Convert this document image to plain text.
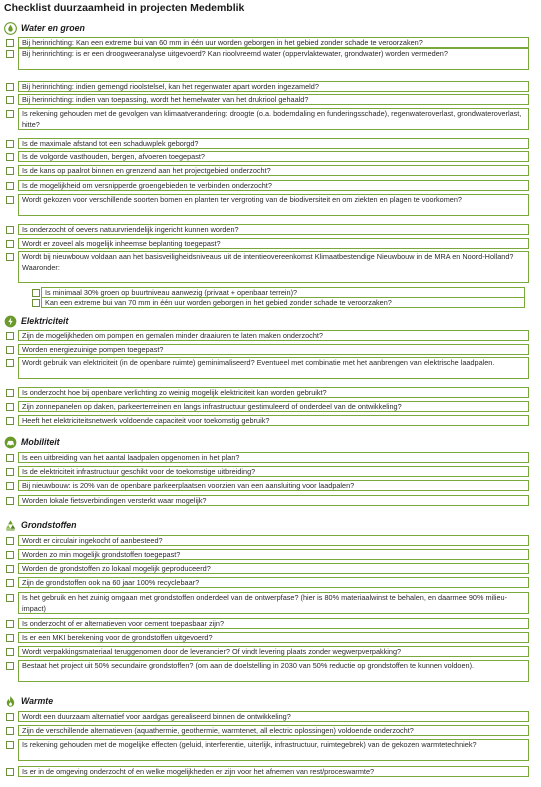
Checklist duurzaamheid in projecten Medemblik
Water en groen
Bij herinrichting: Kan een extreme bui van 60 mm in één uur worden geborgen in het gebied zonder schade te veroorzaken?
Bij herinrichting: is er een droogweeranalyse uitgevoerd? Kan rioolvreemd water (oppervlaktewater, grondwater) worden vermeden?
Bij herinrichting: indien gemengd rioolstelsel, kan het regenwater apart worden ingezameld?
Bij herinrichting: indien van toepassing, wordt het hemelwater van het drukriool gehaald?
Is rekening gehouden met de gevolgen van klimaatverandering: droogte (o.a. bodemdaling en funderingsschade), regenwateroverlast, grondwateroverlast, hitte?
Is de maximale afstand tot een schaduwplek geborgd?
Is de volgorde vasthouden, bergen, afvoeren toegepast?
Is de kans op paalrot binnen en grenzend aan het projectgebied onderzocht?
Is de mogelijkheid om versnipperde groengebieden te verbinden onderzocht?
Wordt gekozen voor verschillende soorten bomen en planten ter vergroting van de biodiversiteit en om ziekten en plagen te voorkomen?
Is onderzocht of oevers natuurvriendelijk ingericht kunnen worden?
Wordt er zoveel als mogelijk inheemse beplanting toegepast?
Wordt bij nieuwbouw voldaan aan het basisveiligheidsniveaus uit de intentieovereenkomst Klimaatbestendige Nieuwbouw in de MRA en Noord-Holland? Waaronder:
Is minimaal 30% groen op buurtniveau aanwezig (privaat + openbaar terrein)?
Kan een extreme bui van 70 mm in één uur worden geborgen in het gebied zonder schade te veroorzaken?
Elektriciteit
Zijn de mogelijkheden om pompen en gemalen minder draaiuren te laten maken onderzocht?
Worden energiezuinige pompen toegepast?
Wordt gebruik van elektriciteit (in de openbare ruimte) geminimaliseerd? Eventueel met combinatie met het aanbrengen van elektrische laadpalen.
Is onderzocht hoe bij openbare verlichting zo weinig mogelijk elektriciteit kan worden gebruikt?
Zijn zonnepanelen op daken, parkeerterreinen en langs infrastructuur gestimuleerd of onderdeel van de ontwikkeling?
Heeft het elektriciteitsnetwerk voldoende capaciteit voor toekomstig gebruik?
Mobiliteit
Is een uitbreiding van het aantal laadpalen opgenomen in het plan?
Is de elektriciteit infrastructuur geschikt voor de toekomstige uitbreiding?
Bij nieuwbouw: is 20% van de openbare parkeerplaatsen voorzien van een aansluiting voor laadpalen?
Worden lokale fietsverbindingen versterkt waar mogelijk?
Grondstoffen
Wordt er circulair ingekocht of aanbesteed?
Worden zo min mogelijk grondstoffen toegepast?
Worden de grondstoffen zo lokaal mogelijk geproduceerd?
Zijn de grondstoffen ook na 60 jaar 100% recyclebaar?
Is het gebruik en het zuinig omgaan met grondstoffen onderdeel van de ontwerpfase? (hier is 80% materiaalwinst te behalen, en daarmee 90% milieu-impact)
Is onderzocht of er alternatieven voor cement toepasbaar zijn?
Is er een MKI berekening voor de grondstoffen uitgevoerd?
Wordt verpakkingsmateriaal teruggenomen door de leverancier? Of vindt levering plaats zonder wegwerpverpakking?
Bestaat het project uit 50% secundaire grondstoffen? (om aan de doelstelling in 2030 van 50% reductie op grondstoffen te kunnen voldoen).
Warmte
Wordt een duurzaam alternatief voor aardgas gerealiseerd binnen de ontwikkeling?
Zijn de verschillende alternatieven (aquathermie, geothermie, warmtenet, all electric oplossingen) voldoende onderzocht?
Is rekening gehouden met de mogelijke effecten (geluid, interferentie, uiterlijk, infrastructuur, ruimtegebrek) van de gekozen warmtetechniek?
Is er in de omgeving onderzocht of en welke mogelijkheden er zijn voor het afnemen van rest/proceswarmte?
